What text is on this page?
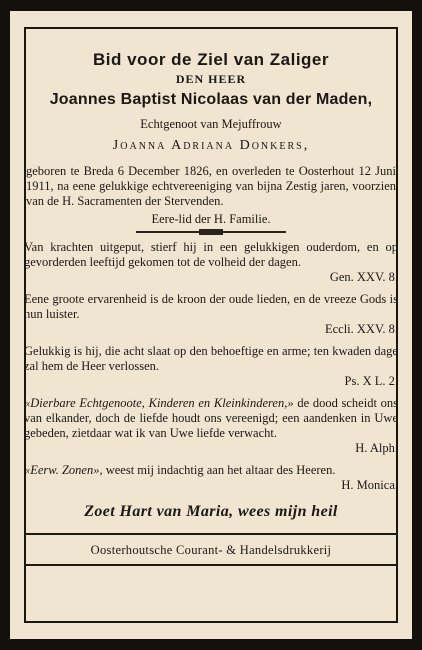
Bid voor de Ziel van Zaliger
DEN HEER
Joannes Baptist Nicolaas van der Maden,
Echtgenoot van Mejuffrouw
Joanna Adriana Donkers,
geboren te Breda 6 December 1826, en overleden te Oosterhout 12 Juni 1911, na eene gelukkige echtvereeniging van bijna Zestig jaren, voorzien van de H. Sacramenten der Stervenden.
Eere-lid der H. Familie.
Van krachten uitgeput, stierf hij in een gelukkigen ouderdom, en op gevorderden leeftijd gekomen tot de volheid der dagen.
Gen. XXV. 8.
Eene groote ervarenheid is de kroon der oude lieden, en de vreeze Gods is hun luister.
Eccli. XXV. 8.
Gelukkig is hij, die acht slaat op den behoeftige en arme; ten kwaden dage zal hem de Heer verlossen.
Ps. X L. 2.
«Dierbare Echtgenoote, Kinderen en Kleinkinderen,» de dood scheidt ons van elkander, doch de liefde houdt ons vereenigd; een aandenken in Uwe gebeden, zietdaar wat ik van Uwe liefde verwacht.
H. Alph.
«Eerw. Zonen», weest mij indachtig aan het altaar des Heeren.
H. Monica.
Zoet Hart van Maria, wees mijn heil
Oosterhoutsche Courant- & Handelsdrukkerij
